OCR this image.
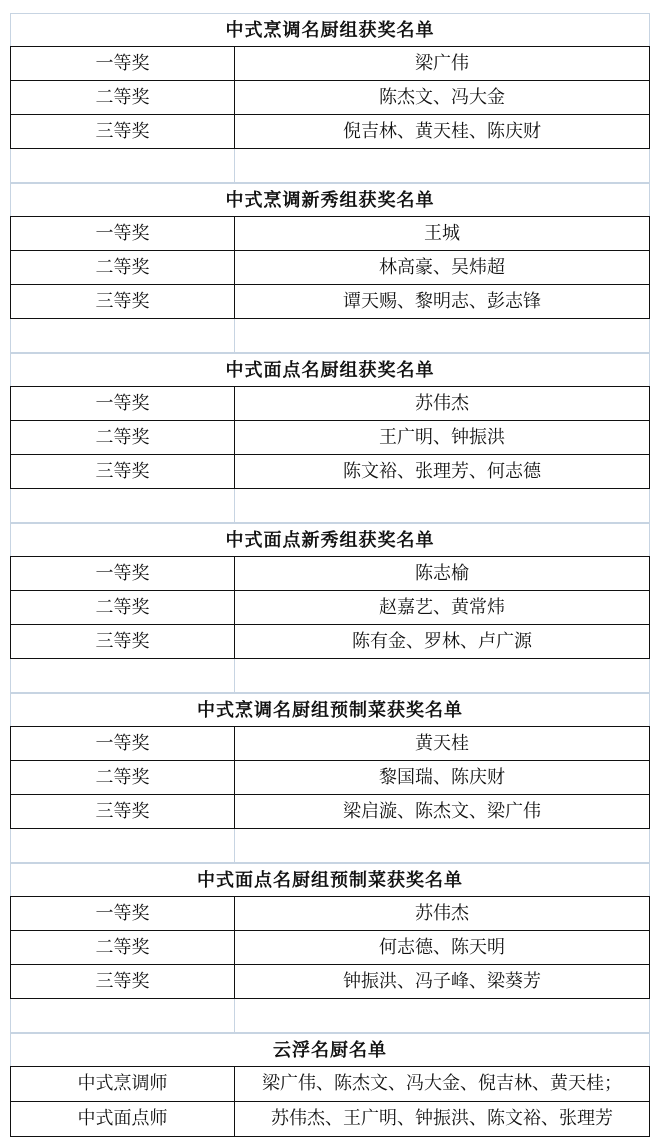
中式烹调名厨组获奖名单
一等奖	梁广伟
二等奖	陈杰文、冯大金
三等奖	倪吉林、黄天桂、陈庆财
中式烹调新秀组获奖名单
一等奖	王城
二等奖	林高豪、吴炜超
三等奖	谭天赐、黎明志、彭志锋
中式面点名厨组获奖名单
一等奖	苏伟杰
二等奖	王广明、钟振洪
三等奖	陈文裕、张理芳、何志德
中式面点新秀组获奖名单
一等奖	陈志榆
二等奖	赵嘉艺、黄常炜
三等奖	陈有金、罗林、卢广源
中式烹调名厨组预制菜获奖名单
一等奖	黄天桂
二等奖	黎国瑞、陈庆财
三等奖	梁启漩、陈杰文、梁广伟
中式面点名厨组预制菜获奖名单
一等奖	苏伟杰
二等奖	何志德、陈天明
三等奖	钟振洪、冯子峰、梁葵芳
云浮名厨名单
中式烹调师	梁广伟、陈杰文、冯大金、倪吉林、黄天桂；
中式面点师	苏伟杰、王广明、钟振洪、陈文裕、张理芳
